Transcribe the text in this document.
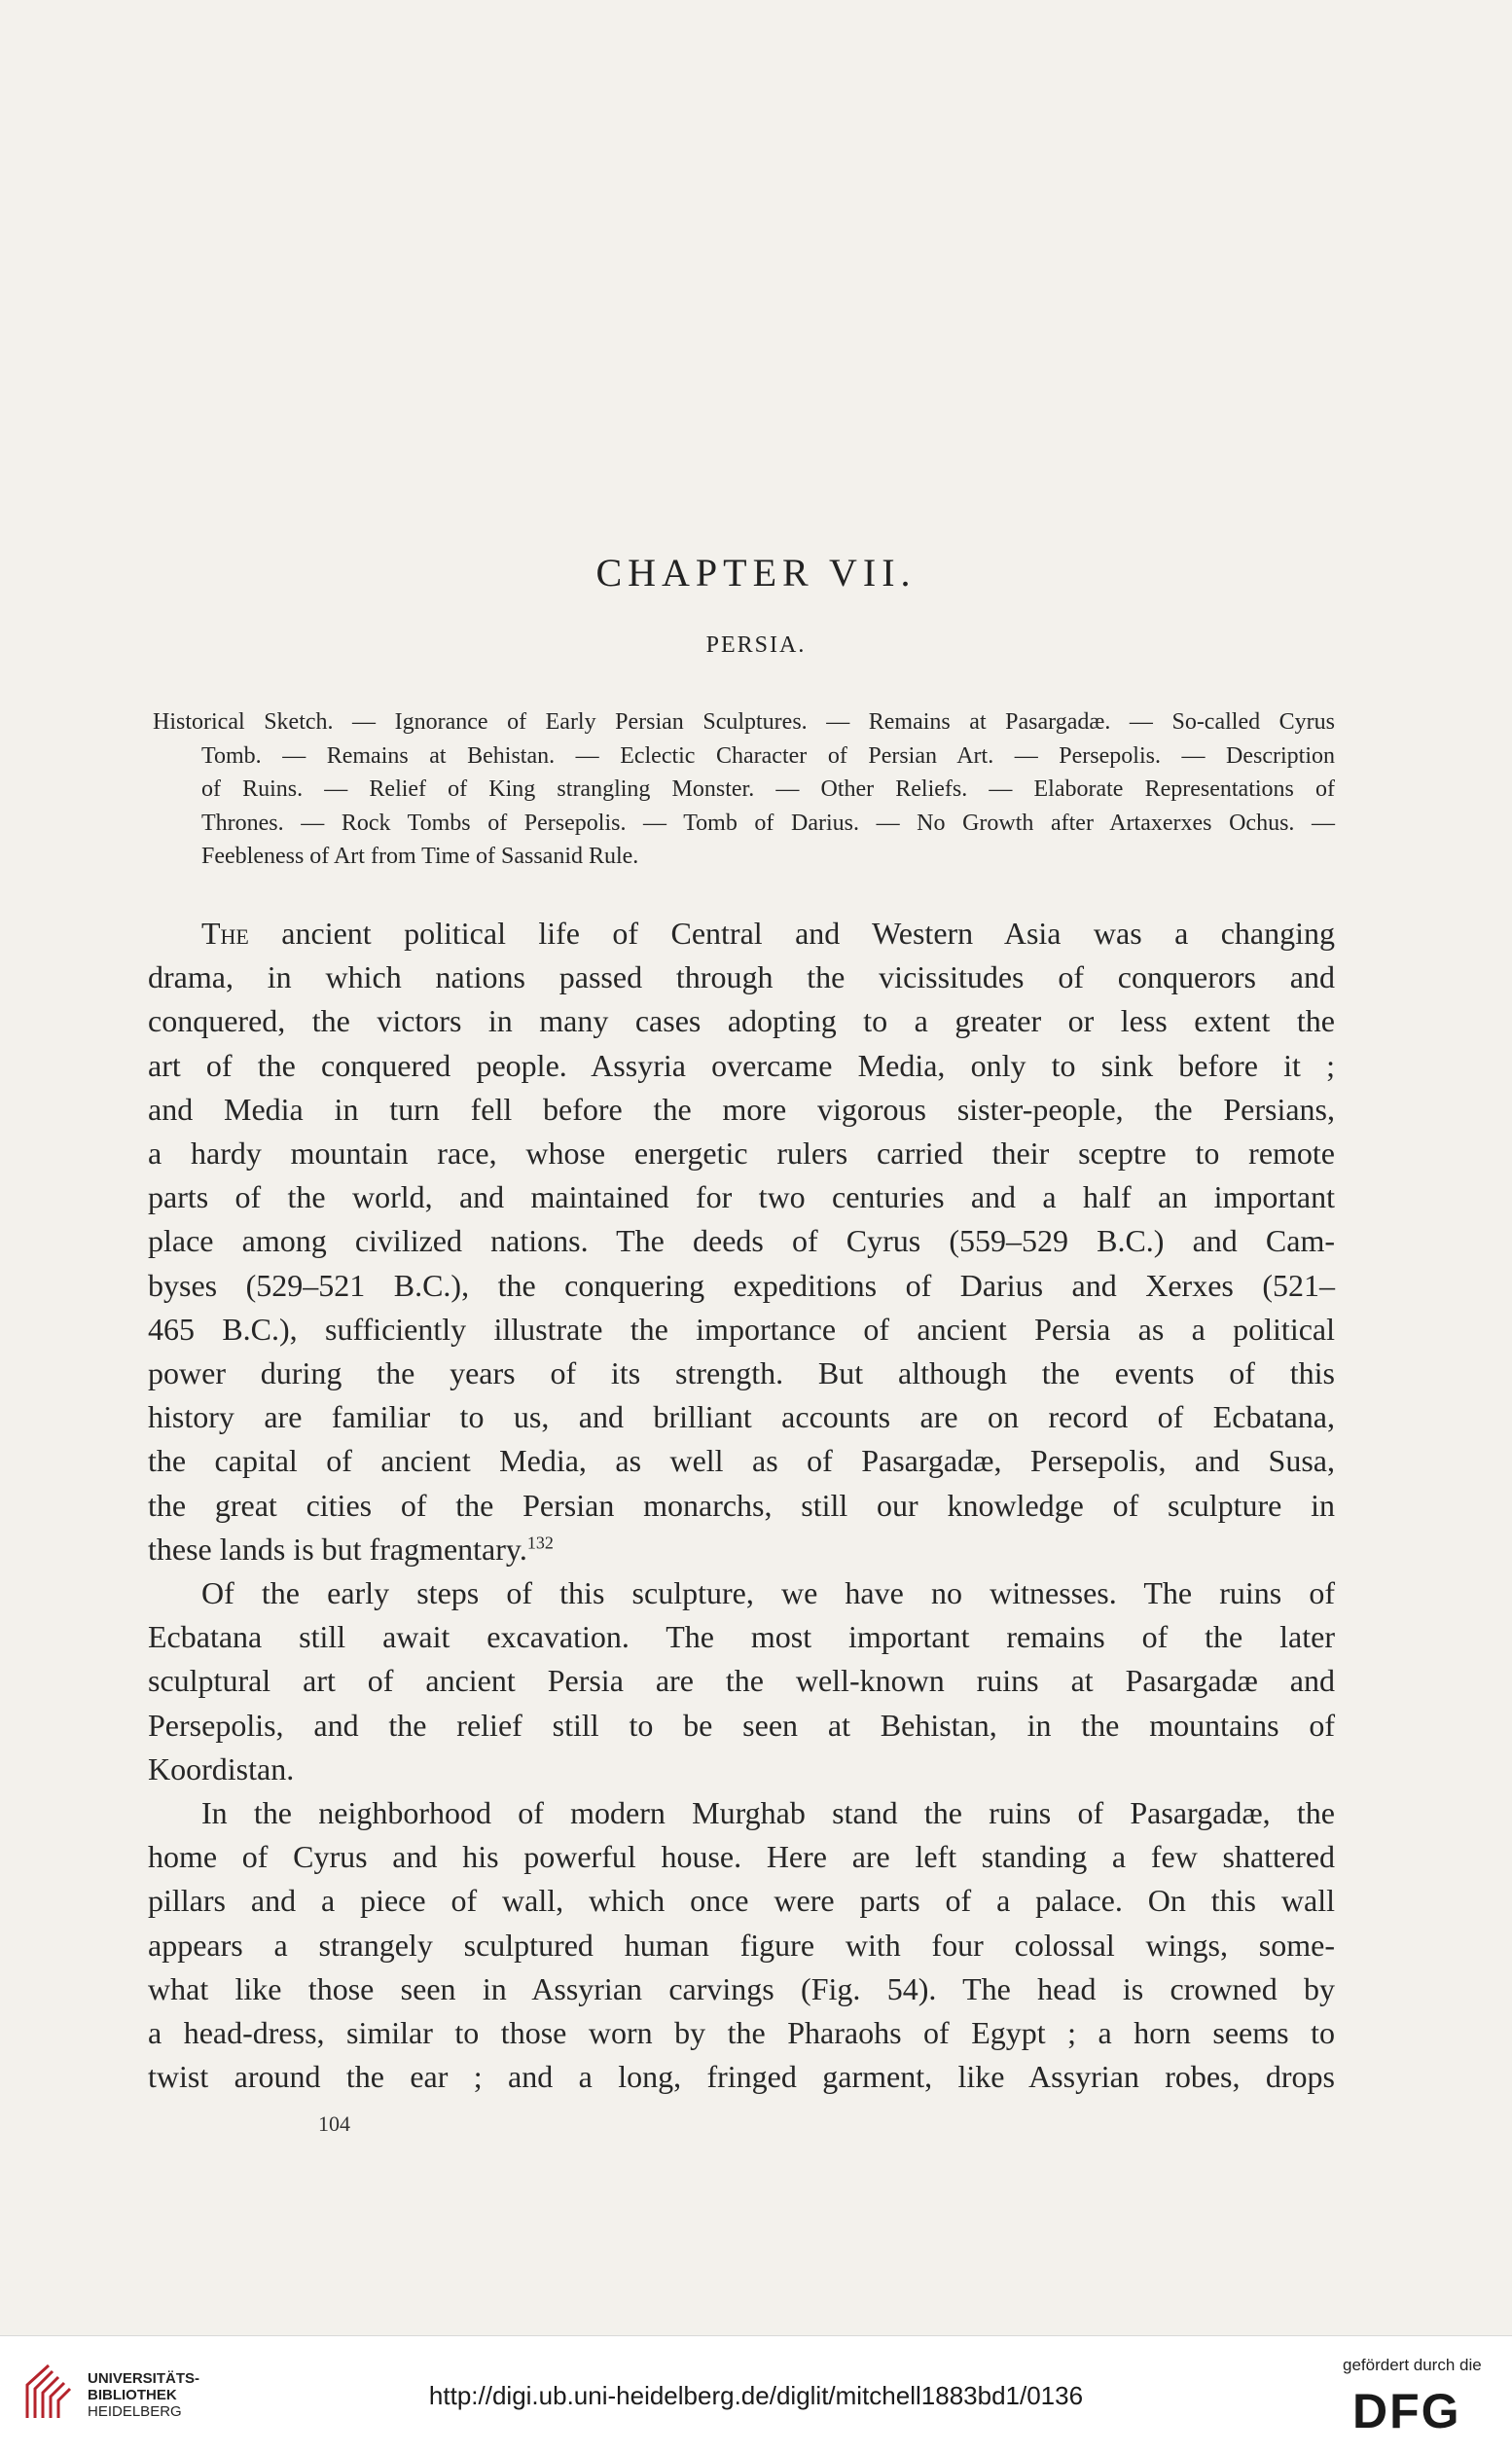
CHAPTER VII.
PERSIA.
Historical Sketch. — Ignorance of Early Persian Sculptures. — Remains at Pasargadæ. — So-called Cyrus
Tomb. — Remains at Behistan. — Eclectic Character of Persian Art. — Persepolis. — Description
of Ruins. — Relief of King strangling Monster. — Other Reliefs. — Elaborate Representations of
Thrones. — Rock Tombs of Persepolis. — Tomb of Darius. — No Growth after Artaxerxes Ochus. —
Feebleness of Art from Time of Sassanid Rule.
The ancient political life of Central and Western Asia was a changing
drama, in which nations passed through the vicissitudes of conquerors and
conquered, the victors in many cases adopting to a greater or less extent the
art of the conquered people. Assyria overcame Media, only to sink before it ;
and Media in turn fell before the more vigorous sister-people, the Persians,
a hardy mountain race, whose energetic rulers carried their sceptre to remote
parts of the world, and maintained for two centuries and a half an important
place among civilized nations. The deeds of Cyrus (559–529 B.C.) and Cam-
byses (529–521 B.C.), the conquering expeditions of Darius and Xerxes (521–
465 B.C.), sufficiently illustrate the importance of ancient Persia as a political
power during the years of its strength. But although the events of this
history are familiar to us, and brilliant accounts are on record of Ecbatana,
the capital of ancient Media, as well as of Pasargadæ, Persepolis, and Susa,
the great cities of the Persian monarchs, still our knowledge of sculpture in
these lands is but fragmentary.$^{132}$
Of the early steps of this sculpture, we have no witnesses. The ruins of
Ecbatana still await excavation. The most important remains of the later
sculptural art of ancient Persia are the well-known ruins at Pasargadæ and
Persepolis, and the relief still to be seen at Behistan, in the mountains of
Koordistan.
In the neighborhood of modern Murghab stand the ruins of Pasargadæ, the
home of Cyrus and his powerful house. Here are left standing a few shattered
pillars and a piece of wall, which once were parts of a palace. On this wall
appears a strangely sculptured human figure with four colossal wings, some-
what like those seen in Assyrian carvings (Fig. 54). The head is crowned by
a head-dress, similar to those worn by the Pharaohs of Egypt ; a horn seems to
twist around the ear ; and a long, fringed garment, like Assyrian robes, drops
104
UNIVERSITÄTS-
BIBLIOTHEK
HEIDELBERG
http://digi.ub.uni-heidelberg.de/diglit/mitchell1883bd1/0136
gefördert durch die
DFG
